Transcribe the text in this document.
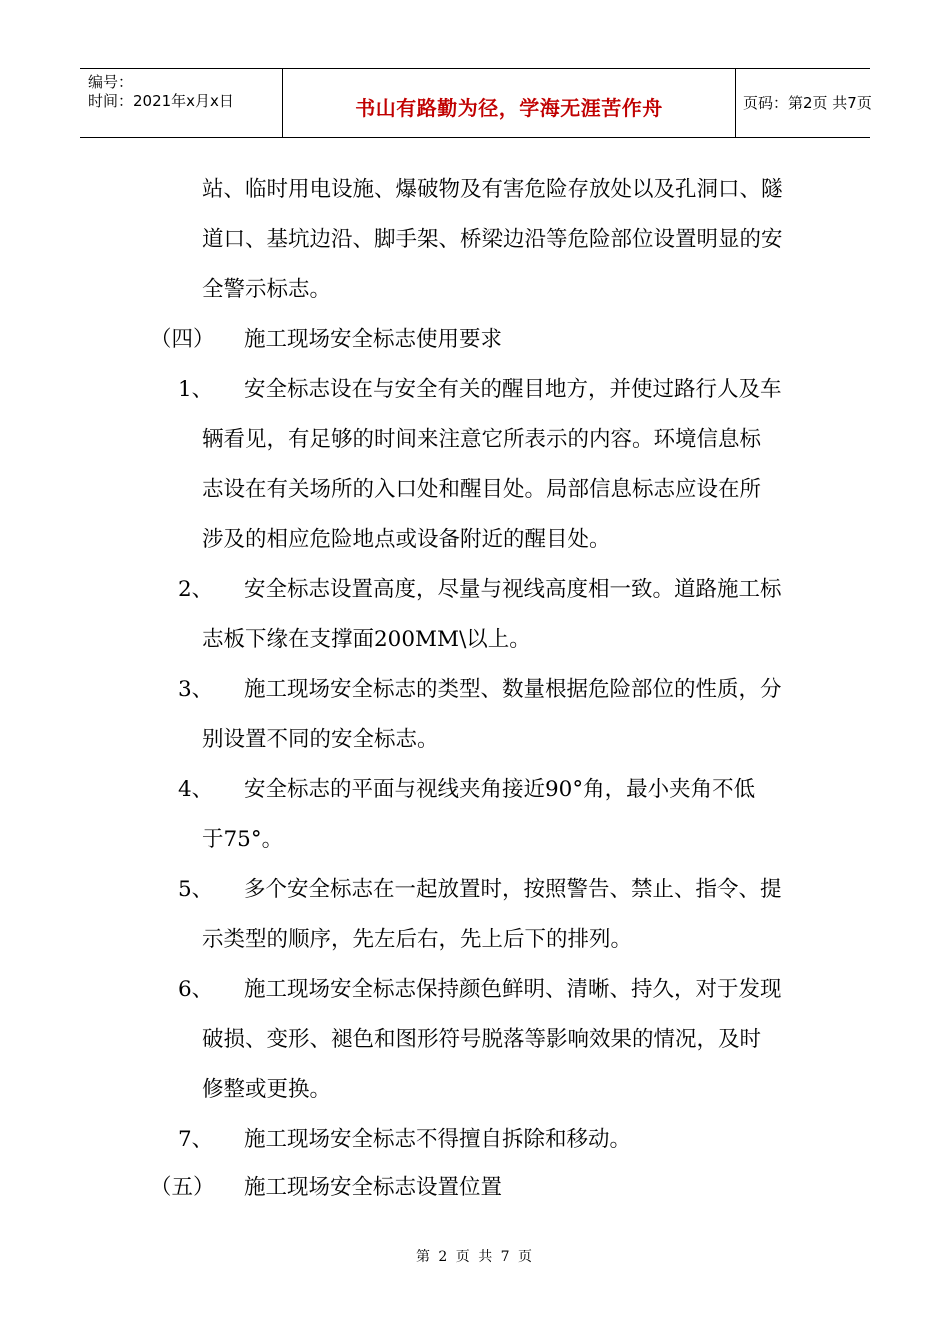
编号：
时间：2021年x月x日	书山有路勤为径，学海无涯苦作舟	页码：第2页 共7页
站、临时用电设施、爆破物及有害危险存放处以及孔洞口、隧
道口、基坑边沿、脚手架、桥梁边沿等危险部位设置明显的安
全警示标志。
（四） 施工现场安全标志使用要求
1、 安全标志设在与安全有关的醒目地方，并使过路行人及车
辆看见，有足够的时间来注意它所表示的内容。环境信息标
志设在有关场所的入口处和醒目处。局部信息标志应设在所
涉及的相应危险地点或设备附近的醒目处。
2、 安全标志设置高度，尽量与视线高度相一致。道路施工标
志板下缘在支撑面200MM\以上。
3、 施工现场安全标志的类型、数量根据危险部位的性质，分
别设置不同的安全标志。
4、 安全标志的平面与视线夹角接近90°角，最小夹角不低
于75°。
5、 多个安全标志在一起放置时，按照警告、禁止、指令、提
示类型的顺序，先左后右，先上后下的排列。
6、 施工现场安全标志保持颜色鲜明、清晰、持久，对于发现
破损、变形、褪色和图形符号脱落等影响效果的情况，及时
修整或更换。
7、 施工现场安全标志不得擅自拆除和移动。
（五） 施工现场安全标志设置位置
第 2 页 共 7 页
